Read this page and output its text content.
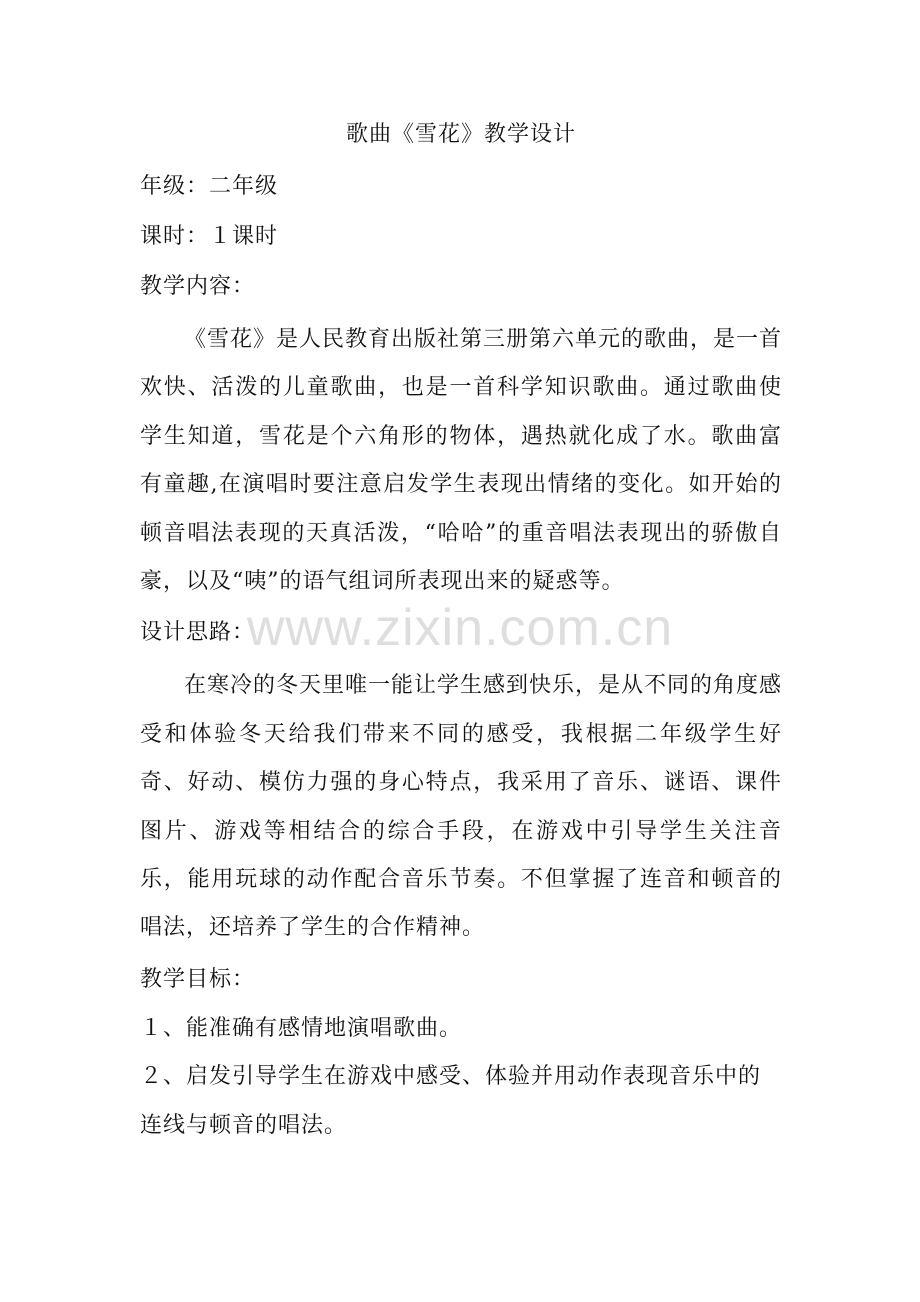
歌曲《雪花》教学设计
年级：二年级
课时：１课时
教学内容：

《雪花》是人民教育出版社第三册第六单元的歌曲，是一首欢快、活泼的儿童歌曲，也是一首科学知识歌曲。通过歌曲使学生知道，雪花是个六角形的物体，遇热就化成了水。歌曲富有童趣,在演唱时要注意启发学生表现出情绪的变化。如开始的顿音唱法表现的天真活泼，“哈哈”的重音唱法表现出的骄傲自豪，以及“咦”的语气组词所表现出来的疑惑等。

设计思路：

在寒冷的冬天里唯一能让学生感到快乐，是从不同的角度感受和体验冬天给我们带来不同的感受，我根据二年级学生好奇、好动、模仿力强的身心特点，我采用了音乐、谜语、课件图片、游戏等相结合的综合手段，在游戏中引导学生关注音乐，能用玩球的动作配合音乐节奏。不但掌握了连音和顿音的唱法，还培养了学生的合作精神。

教学目标：

１、能准确有感情地演唱歌曲。

２、启发引导学生在游戏中感受、体验并用动作表现音乐中的连线与顿音的唱法。

www.zixin.com.cn
